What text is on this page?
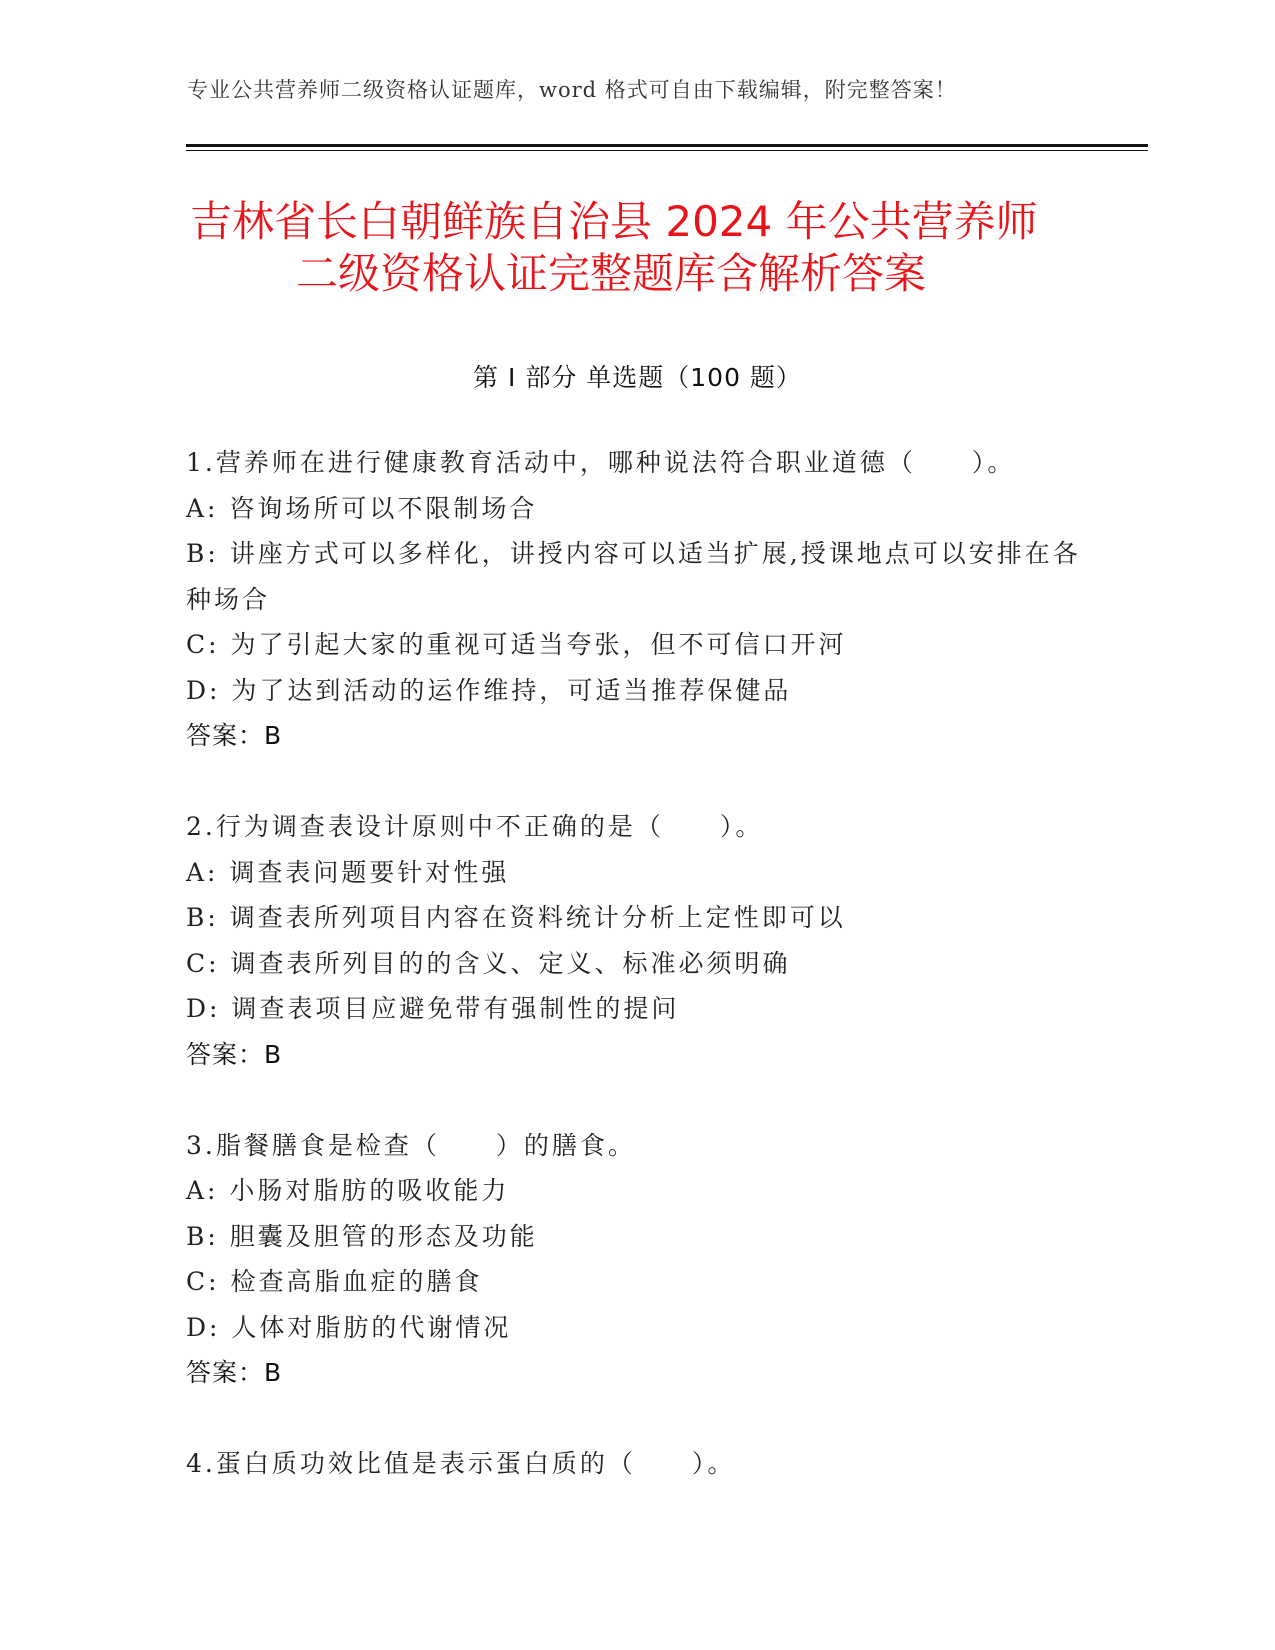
专业公共营养师二级资格认证题库，word 格式可自由下载编辑，附完整答案！
吉林省长白朝鲜族自治县 2024 年公共营养师
二级资格认证完整题库含解析答案
第 I 部分 单选题（100 题）
1.营养师在进行健康教育活动中，哪种说法符合职业道德（　　）。
A: 咨询场所可以不限制场合
B: 讲座方式可以多样化，讲授内容可以适当扩展,授课地点可以安排在各种场合
C: 为了引起大家的重视可适当夸张，但不可信口开河
D: 为了达到活动的运作维持，可适当推荐保健品
答案：B
2.行为调查表设计原则中不正确的是（　　）。
A: 调查表问题要针对性强
B: 调查表所列项目内容在资料统计分析上定性即可以
C: 调查表所列目的的含义、定义、标准必须明确
D: 调查表项目应避免带有强制性的提问
答案：B
3.脂餐膳食是检查（　　）的膳食。
A: 小肠对脂肪的吸收能力
B: 胆囊及胆管的形态及功能
C: 检查高脂血症的膳食
D: 人体对脂肪的代谢情况
答案：B
4.蛋白质功效比值是表示蛋白质的（　　）。
